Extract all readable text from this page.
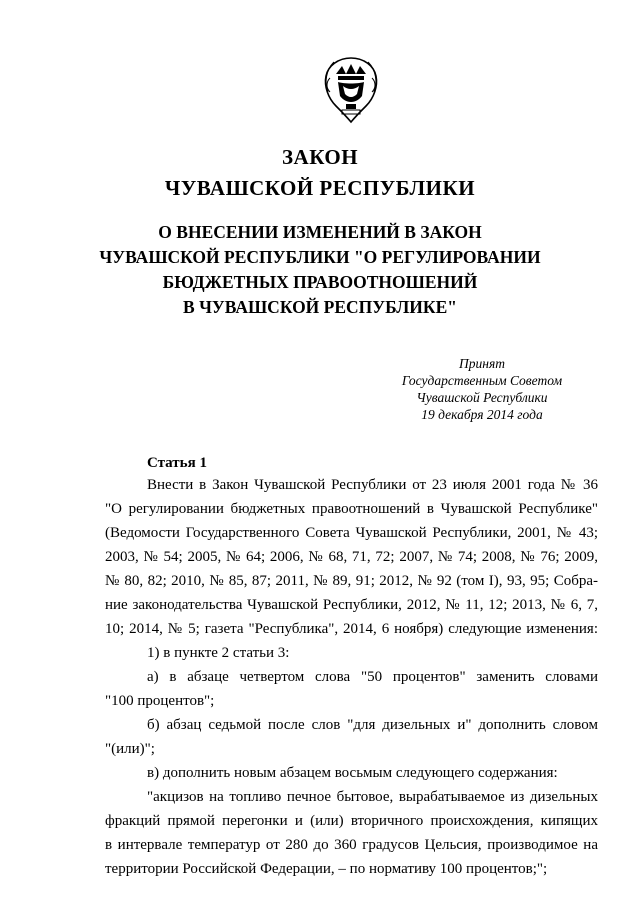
ЗАКОН
ЧУВАШСКОЙ РЕСПУБЛИКИ
О ВНЕСЕНИИ ИЗМЕНЕНИЙ В ЗАКОН
ЧУВАШСКОЙ РЕСПУБЛИКИ "О РЕГУЛИРОВАНИИ
БЮДЖЕТНЫХ ПРАВООТНОШЕНИЙ
В ЧУВАШСКОЙ РЕСПУБЛИКЕ"
Принят
Государственным Советом
Чувашской Республики
19 декабря 2014 года
Статья 1
Внести в Закон Чувашской Республики от 23 июля 2001 года № 36
"О регулировании бюджетных правоотношений в Чувашской Республике"
(Ведомости Государственного Совета Чувашской Республики, 2001, № 43;
2003, № 54; 2005, № 64; 2006, № 68, 71, 72; 2007, № 74; 2008, № 76; 2009,
№ 80, 82; 2010, № 85, 87; 2011, № 89, 91; 2012, № 92 (том I), 93, 95; Собра-
ние законодательства Чувашской Республики, 2012, № 11, 12; 2013, № 6, 7,
10; 2014, № 5; газета "Республика", 2014, 6 ноября) следующие изменения:
1) в пункте 2 статьи 3:
а) в абзаце четвертом слова "50 процентов" заменить словами
"100 процентов";
б) абзац седьмой после слов "для дизельных и" дополнить словом
"(или)";
в) дополнить новым абзацем восьмым следующего содержания:
"акцизов на топливо печное бытовое, вырабатываемое из дизельных
фракций прямой перегонки и (или) вторичного происхождения, кипящих
в интервале температур от 280 до 360 градусов Цельсия, производимое на
территории Российской Федерации, – по нормативу 100 процентов;";
